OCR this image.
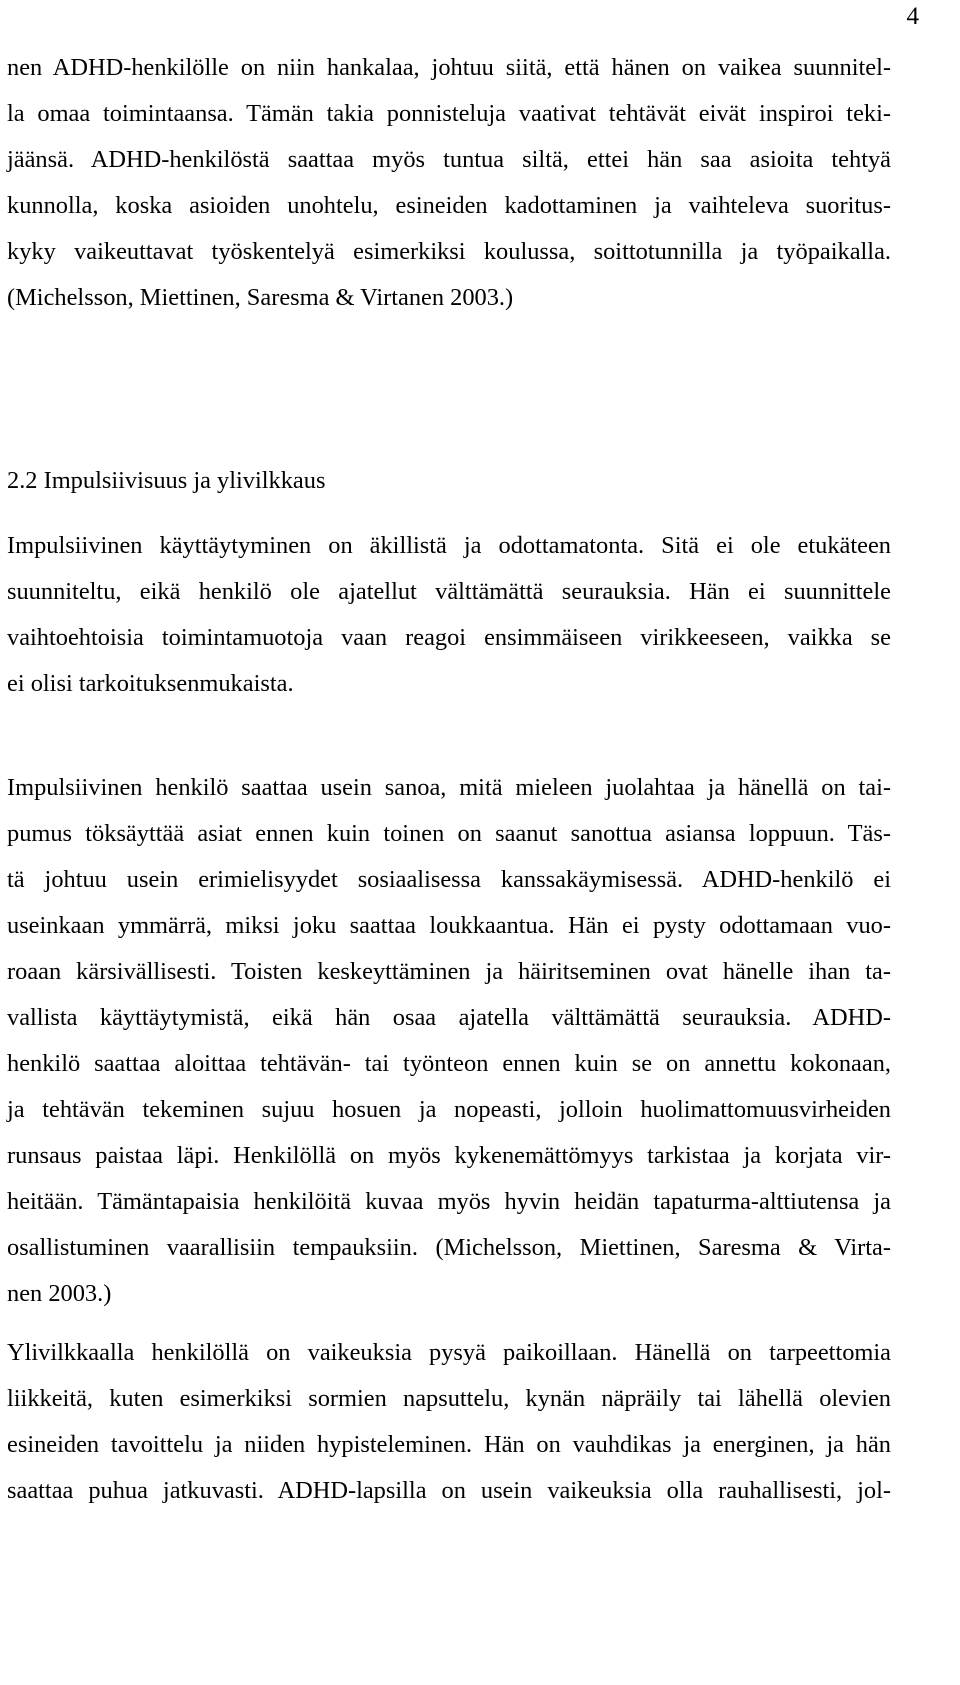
4
nen ADHD-henkilölle on niin hankalaa, johtuu siitä, että hänen on vaikea suunnitel-
la omaa toimintaansa. Tämän takia ponnisteluja vaativat tehtävät eivät inspiroi teki-
jäänsä. ADHD-henkilöstä saattaa myös tuntua siltä, ettei hän saa asioita tehtyä
kunnolla, koska asioiden unohtelu, esineiden kadottaminen ja vaihteleva suoritus-
kyky vaikeuttavat työskentelyä esimerkiksi koulussa, soittotunnilla ja työpaikalla.
(Michelsson, Miettinen, Saresma & Virtanen 2003.)
2.2 Impulsiivisuus ja ylivilkkaus
Impulsiivinen käyttäytyminen on äkillistä ja odottamatonta. Sitä ei ole etukäteen
suunniteltu, eikä henkilö ole ajatellut välttämättä seurauksia. Hän ei suunnittele
vaihtoehtoisia toimintamuotoja vaan reagoi ensimmäiseen virikkeeseen, vaikka se
ei olisi tarkoituksenmukaista.
Impulsiivinen henkilö saattaa usein sanoa, mitä mieleen juolahtaa ja hänellä on tai-
pumus töksäyttää asiat ennen kuin toinen on saanut sanottua asiansa loppuun. Täs-
tä johtuu usein erimielisyydet sosiaalisessa kanssakäymisessä. ADHD-henkilö ei
useinkaan ymmärrä, miksi joku saattaa loukkaantua. Hän ei pysty odottamaan vuo-
roaan kärsivällisesti. Toisten keskeyttäminen ja häiritseminen ovat hänelle ihan ta-
vallista käyttäytymistä, eikä hän osaa ajatella välttämättä seurauksia. ADHD-
henkilö saattaa aloittaa tehtävän- tai työnteon ennen kuin se on annettu kokonaan,
ja tehtävän tekeminen sujuu hosuen ja nopeasti, jolloin huolimattomuusvirheiden
runsaus paistaa läpi. Henkilöllä on myös kykenemättömyys tarkistaa ja korjata vir-
heitään. Tämäntapaisia henkilöitä kuvaa myös hyvin heidän tapaturma-alttiutensa ja
osallistuminen vaarallisiin tempauksiin. (Michelsson, Miettinen, Saresma & Virta-
nen 2003.)
Ylivilkkaalla henkilöllä on vaikeuksia pysyä paikoillaan. Hänellä on tarpeettomia
liikkeitä, kuten esimerkiksi sormien napsuttelu, kynän näpräily tai lähellä olevien
esineiden tavoittelu ja niiden hypisteleminen. Hän on vauhdikas ja energinen, ja hän
saattaa puhua jatkuvasti. ADHD-lapsilla on usein vaikeuksia olla rauhallisesti, jol-
